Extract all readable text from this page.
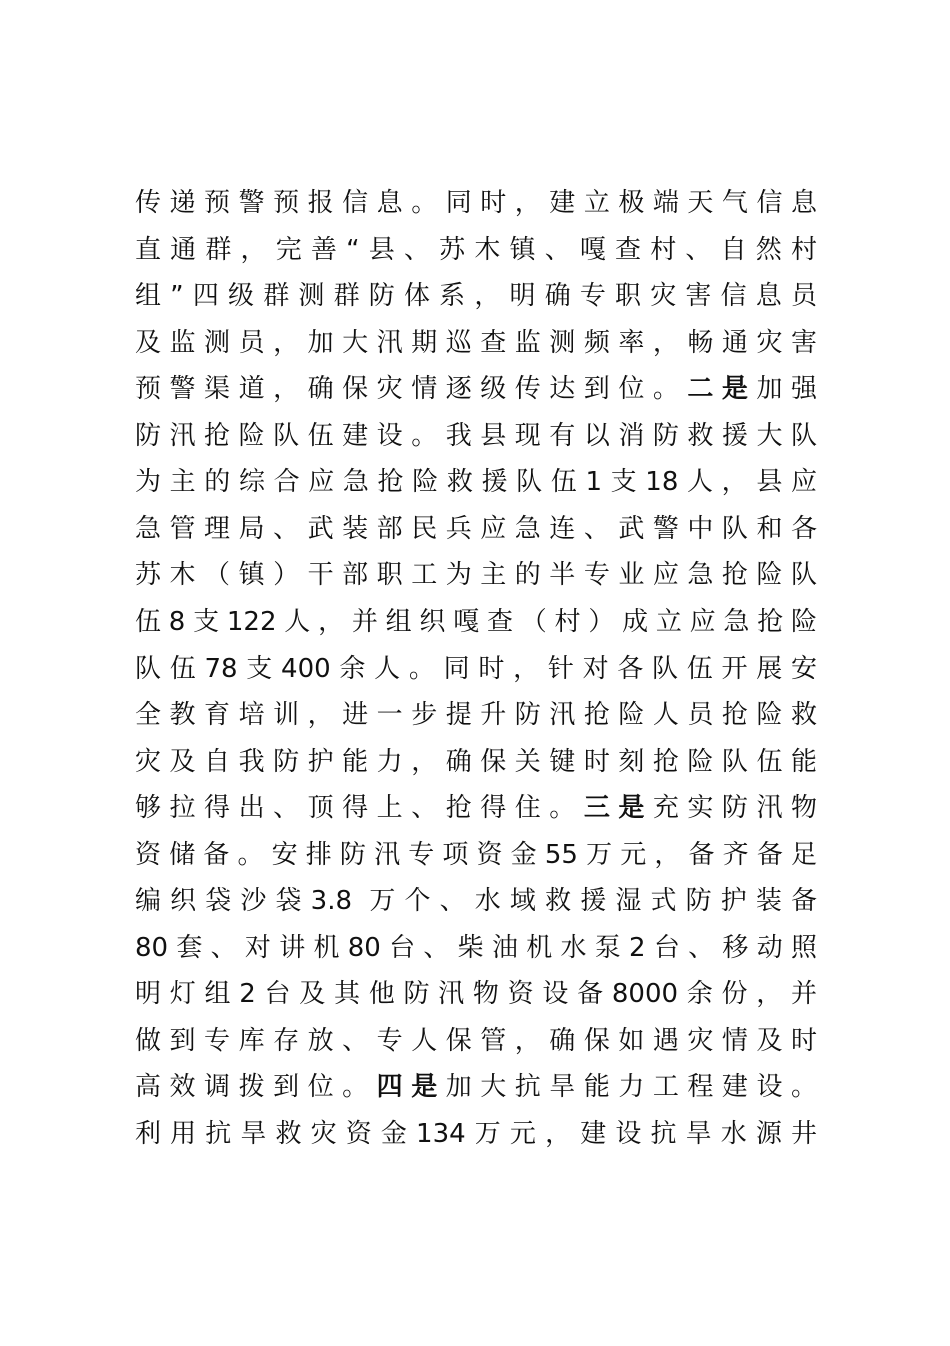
传递预警预报信息。同时，建立极端天气信息
直通群，完善“县、苏木镇、嘎查村、自然村
组”四级群测群防体系，明确专职灾害信息员
及监测员，加大汛期巡查监测频率，畅通灾害
预警渠道，确保灾情逐级传达到位。二是加强
防汛抢险队伍建设。我县现有以消防救援大队
为主的综合应急抢险救援队伍1支18人，县应
急管理局、武装部民兵应急连、武警中队和各
苏木（镇）干部职工为主的半专业应急抢险队
伍8支122人，并组织嘎查（村）成立应急抢险
队伍78支400余人。同时，针对各队伍开展安
全教育培训，进一步提升防汛抢险人员抢险救
灾及自我防护能力，确保关键时刻抢险队伍能
够拉得出、顶得上、抢得住。三是充实防汛物
资储备。安排防汛专项资金55万元，备齐备足
编织袋沙袋3.8 万个、水域救援湿式防护装备
80套、对讲机80台、柴油机水泵2台、移动照
明灯组2台及其他防汛物资设备8000余份，并
做到专库存放、专人保管，确保如遇灾情及时
高效调拨到位。四是加大抗旱能力工程建设。
利用抗旱救灾资金134万元，建设抗旱水源井
